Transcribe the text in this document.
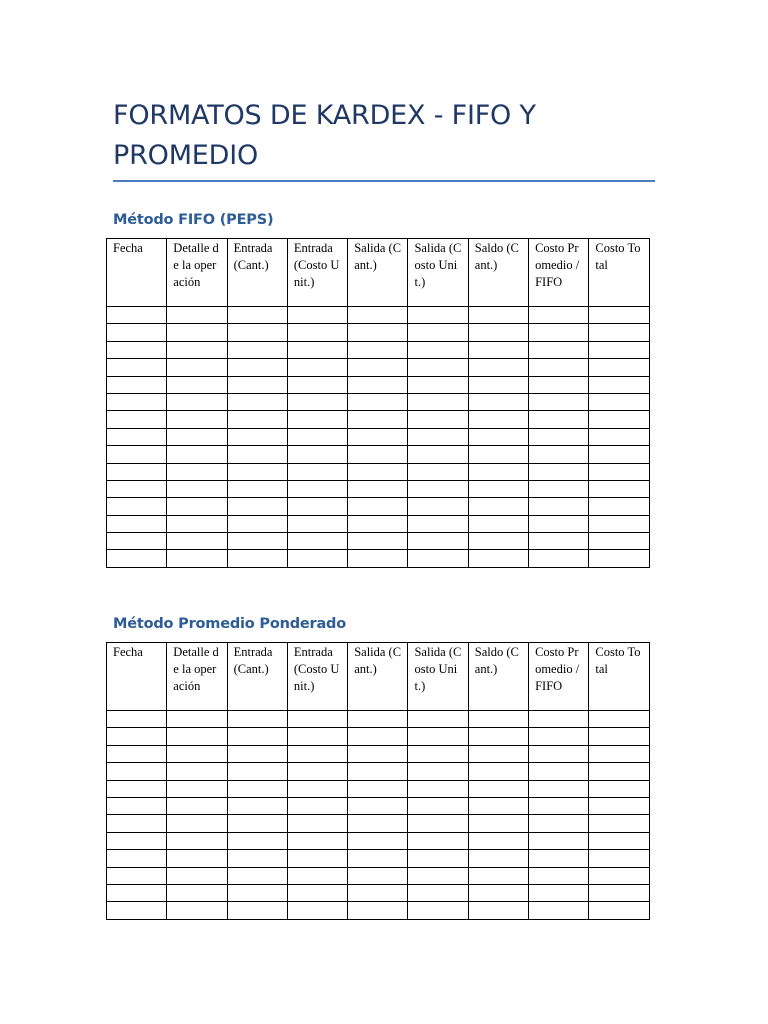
FORMATOS DE KARDEX - FIFO Y PROMEDIO
Método FIFO (PEPS)
Fecha	Detalle de la operación	Entrada (Cant.)	Entrada (Costo Unit.)	Salida (Cant.)	Salida (Costo Unit.)	Saldo (Cant.)	Costo Promedio / FIFO	Costo Total

Método Promedio Ponderado
Fecha	Detalle de la operación	Entrada (Cant.)	Entrada (Costo Unit.)	Salida (Cant.)	Salida (Costo Unit.)	Saldo (Cant.)	Costo Promedio / FIFO	Costo Total
